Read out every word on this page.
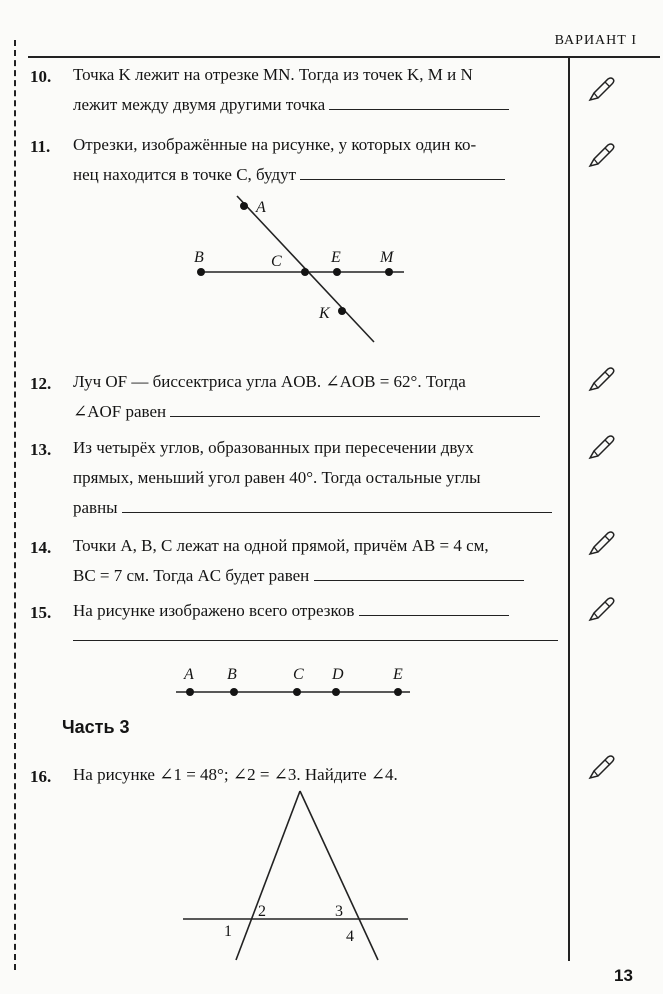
ВАРИАНТ I
10. Точка K лежит на отрезке MN. Тогда из точек K, M и N
лежит между двумя другими точка
11. Отрезки, изображённые на рисунке, у которых один ко-
нец находится в точке C, будут
A
B	C	E M
K
A B	C D	E
1
2	3
4
12. Луч OF — биссектриса угла AOB. ∠AOB = 62°. Тогда
∠AOF равен
13. Из четырёх углов, образованных при пересечении двух
прямых, меньший угол равен 40°. Тогда остальные углы
равны
14. Точки A, B, C лежат на одной прямой, причём AB = 4 см,
BC = 7 см. Тогда AC будет равен
15. На рисунке изображено всего отрезков
Часть 3
16. На рисунке ∠1 = 48°; ∠2 = ∠3. Найдите ∠4.
13
